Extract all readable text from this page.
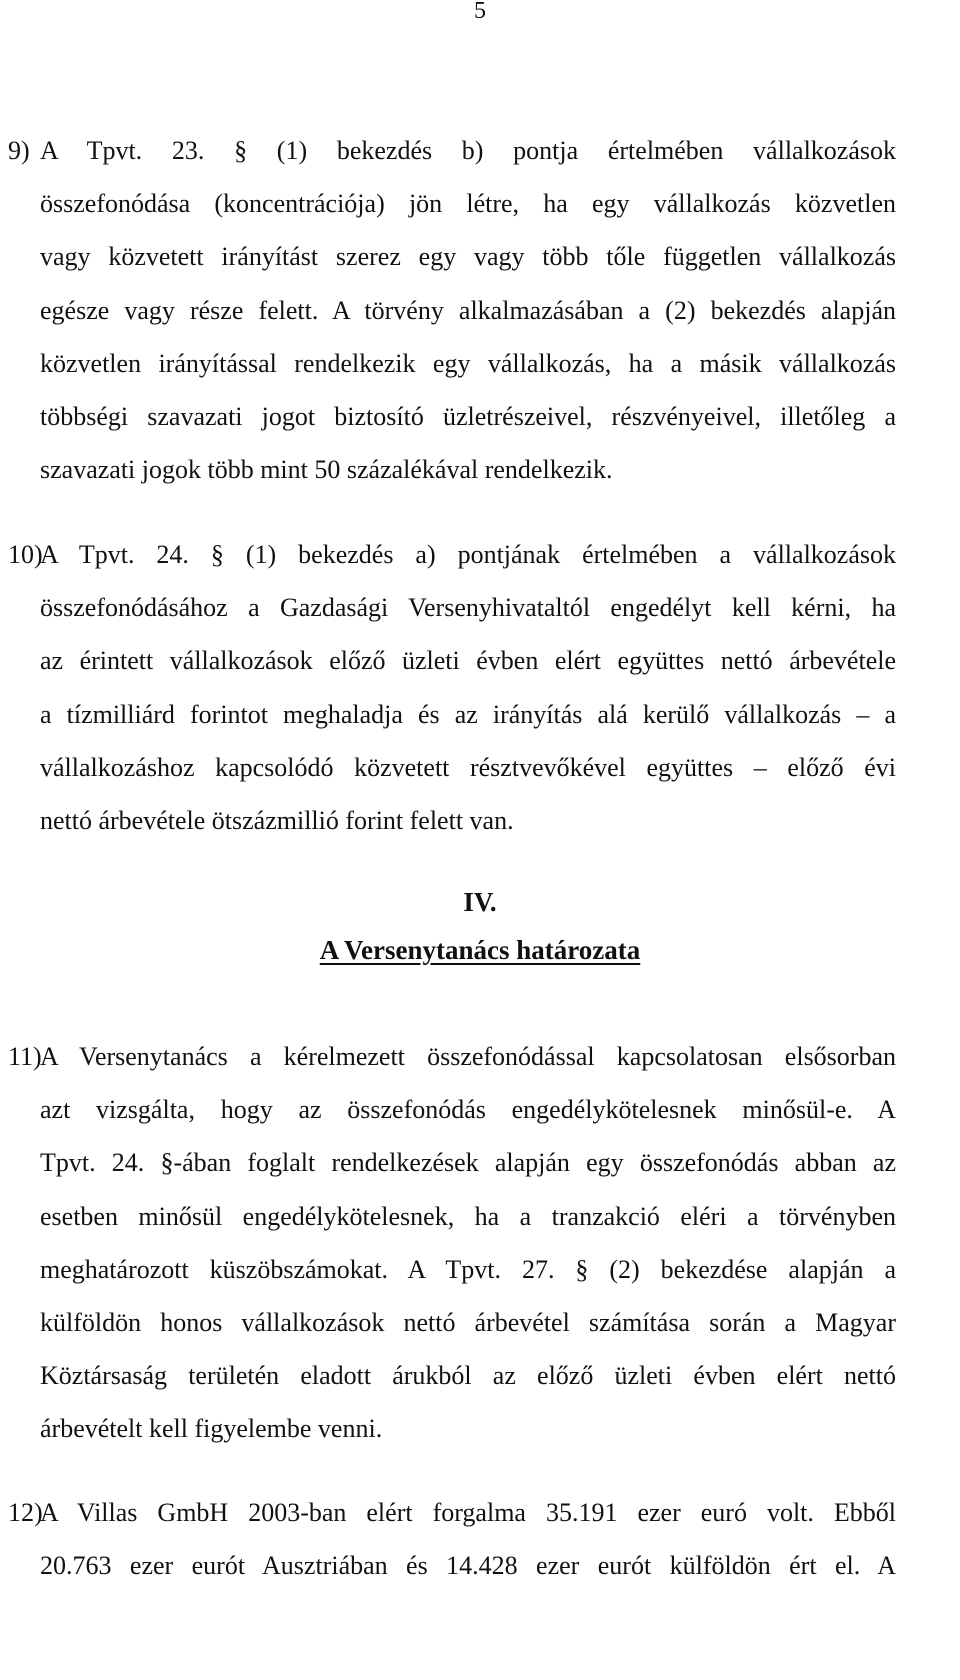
5
9) A Tpvt. 23. § (1) bekezdés b) pontja értelmében vállalkozások
összefonódása (koncentrációja) jön létre, ha egy vállalkozás közvetlen
vagy közvetett irányítást szerez egy vagy több tőle független vállalkozás
egésze vagy része felett. A törvény alkalmazásában a (2) bekezdés alapján
közvetlen irányítással rendelkezik egy vállalkozás, ha a másik vállalkozás
többségi szavazati jogot biztosító üzletrészeivel, részvényeivel, illetőleg a
szavazati jogok több mint 50 százalékával rendelkezik.
10)
A Tpvt. 24. § (1) bekezdés a) pontjának értelmében a vállalkozások
összefonódásához a Gazdasági Versenyhivataltól engedélyt kell kérni, ha
az érintett vállalkozások előző üzleti évben elért együttes nettó árbevétele
a tízmilliárd forintot meghaladja és az irányítás alá kerülő vállalkozás – a
vállalkozáshoz kapcsolódó közvetett résztvevőkével együttes – előző évi
nettó árbevétele ötszázmillió forint felett van.
IV.
A Versenytanács határozata
11)
A Versenytanács a kérelmezett összefonódással kapcsolatosan elsősorban
azt vizsgálta, hogy az összefonódás engedélykötelesnek minősül-e. A
Tpvt. 24. §-ában foglalt rendelkezések alapján egy összefonódás abban az
esetben minősül engedélykötelesnek, ha a tranzakció eléri a törvényben
meghatározott küszöbszámokat. A Tpvt. 27. § (2) bekezdése alapján a
külföldön honos vállalkozások nettó árbevétel számítása során a Magyar
Köztársaság területén eladott árukból az előző üzleti évben elért nettó
árbevételt kell figyelembe venni.
12)
A Villas GmbH 2003-ban elért forgalma 35.191 ezer euró volt. Ebből
20.763 ezer eurót Ausztriában és 14.428 ezer eurót külföldön ért el. A
